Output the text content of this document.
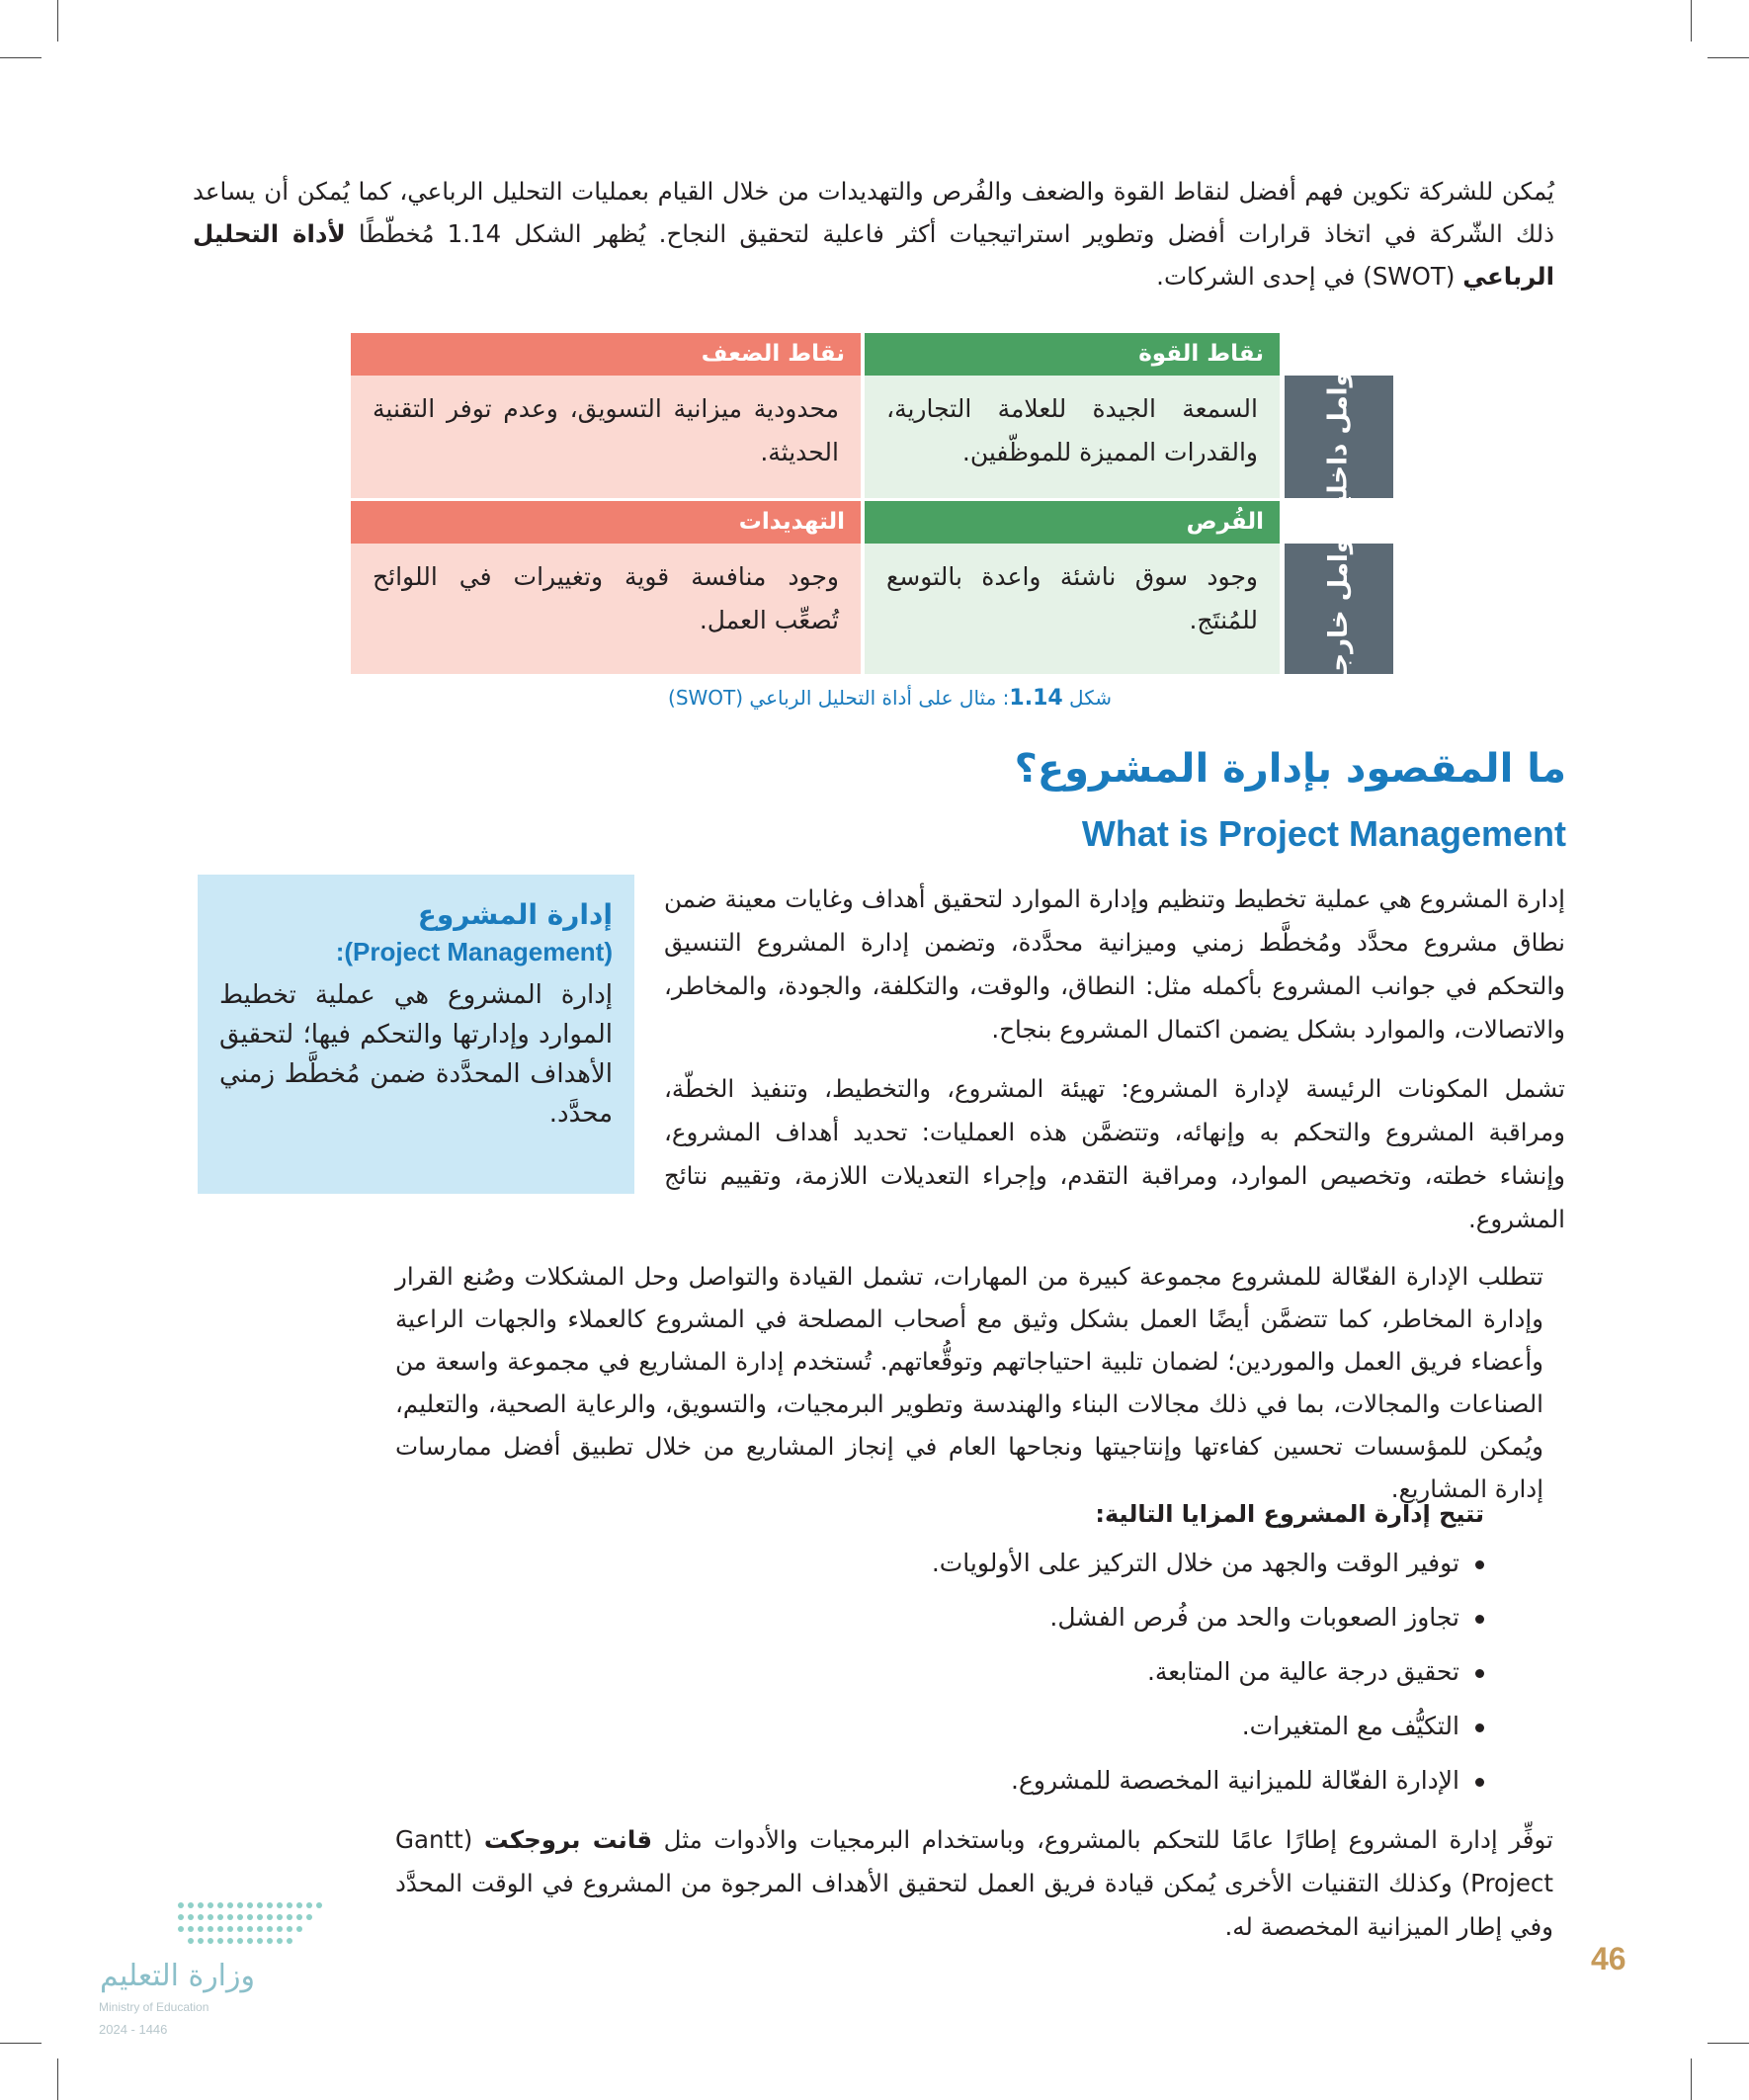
يُمكن للشركة تكوين فهم أفضل لنقاط القوة والضعف والفُرص والتهديدات من خلال القيام بعمليات التحليل الرباعي، كما يُمكن أن يساعد ذلك الشّركة في اتخاذ قرارات أفضل وتطوير استراتيجيات أكثر فاعلية لتحقيق النجاح. يُظهر الشكل 1.14 مُخطّطًا لأداة التحليل الرباعي (SWOT) في إحدى الشركات.
نقاط القوة
نقاط الضعف
السمعة الجيدة للعلامة التجارية، والقدرات المميزة للموظّفين.
محدودية ميزانية التسويق، وعدم توفر التقنية الحديثة.	عوامل داخلية
الفُرص
التهديدات
وجود سوق ناشئة واعدة بالتوسع للمُنتَج.
وجود منافسة قوية وتغييرات في اللوائح تُصعِّب العمل.	عوامل خارجية
شكل 1.14: مثال على أداة التحليل الرباعي (SWOT)
ما المقصود بإدارة المشروع؟
What is Project Management
إدارة المشروع
(Project Management):
إدارة المشروع هي عملية تخطيط الموارد وإدارتها والتحكم فيها؛ لتحقيق الأهداف المحدَّدة ضمن مُخطَّط زمني محدَّد.
إدارة المشروع هي عملية تخطيط وتنظيم وإدارة الموارد لتحقيق أهداف وغايات معينة ضمن نطاق مشروع محدَّد ومُخطَّط زمني وميزانية محدَّدة، وتضمن إدارة المشروع التنسيق والتحكم في جوانب المشروع بأكمله مثل: النطاق، والوقت، والتكلفة، والجودة، والمخاطر، والاتصالات، والموارد بشكل يضمن اكتمال المشروع بنجاح.
تشمل المكونات الرئيسة لإدارة المشروع: تهيئة المشروع، والتخطيط، وتنفيذ الخطّة، ومراقبة المشروع والتحكم به وإنهائه، وتتضمَّن هذه العمليات: تحديد أهداف المشروع، وإنشاء خطته، وتخصيص الموارد، ومراقبة التقدم، وإجراء التعديلات اللازمة، وتقييم نتائج المشروع.
تتطلب الإدارة الفعّالة للمشروع مجموعة كبيرة من المهارات، تشمل القيادة والتواصل وحل المشكلات وصُنع القرار وإدارة المخاطر، كما تتضمَّن أيضًا العمل بشكل وثيق مع أصحاب المصلحة في المشروع كالعملاء والجهات الراعية وأعضاء فريق العمل والموردين؛ لضمان تلبية احتياجاتهم وتوقُّعاتهم. تُستخدم إدارة المشاريع في مجموعة واسعة من الصناعات والمجالات، بما في ذلك مجالات البناء والهندسة وتطوير البرمجيات، والتسويق، والرعاية الصحية، والتعليم، ويُمكن للمؤسسات تحسين كفاءتها وإنتاجيتها ونجاحها العام في إنجاز المشاريع من خلال تطبيق أفضل ممارسات إدارة المشاريع.
تتيح إدارة المشروع المزايا التالية:
توفير الوقت والجهد من خلال التركيز على الأولويات.
تجاوز الصعوبات والحد من فُرص الفشل.
تحقيق درجة عالية من المتابعة.
التكيُّف مع المتغيرات.
الإدارة الفعّالة للميزانية المخصصة للمشروع.
توفِّر إدارة المشروع إطارًا عامًا للتحكم بالمشروع، وباستخدام البرمجيات والأدوات مثل قانت بروجكت (Gantt Project) وكذلك التقنيات الأخرى يُمكن قيادة فريق العمل لتحقيق الأهداف المرجوة من المشروع في الوقت المحدَّد وفي إطار الميزانية المخصصة له.
46
وزارة التعليم
Ministry of Education
2024 - 1446
